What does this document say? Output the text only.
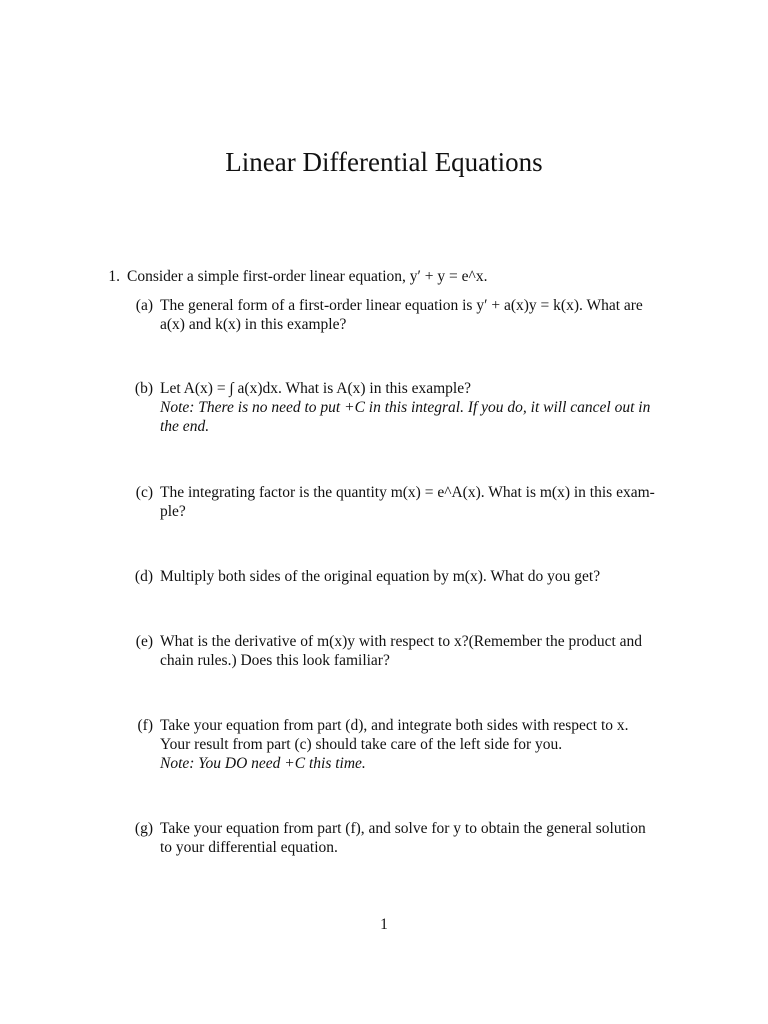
Linear Differential Equations
1. Consider a simple first-order linear equation, y′ + y = e^x.
(a) The general form of a first-order linear equation is y′ + a(x)y = k(x). What are
a(x) and k(x) in this example?
(b) Let A(x) = ∫ a(x)dx. What is A(x) in this example?
Note: There is no need to put +C in this integral. If you do, it will cancel out in
the end.
(c) The integrating factor is the quantity m(x) = e^A(x). What is m(x) in this exam-
ple?
(d) Multiply both sides of the original equation by m(x). What do you get?
(e) What is the derivative of m(x)y with respect to x?(Remember the product and
chain rules.) Does this look familiar?
(f) Take your equation from part (d), and integrate both sides with respect to x.
Your result from part (c) should take care of the left side for you.
Note: You DO need +C this time.
(g) Take your equation from part (f), and solve for y to obtain the general solution
to your differential equation.
1
